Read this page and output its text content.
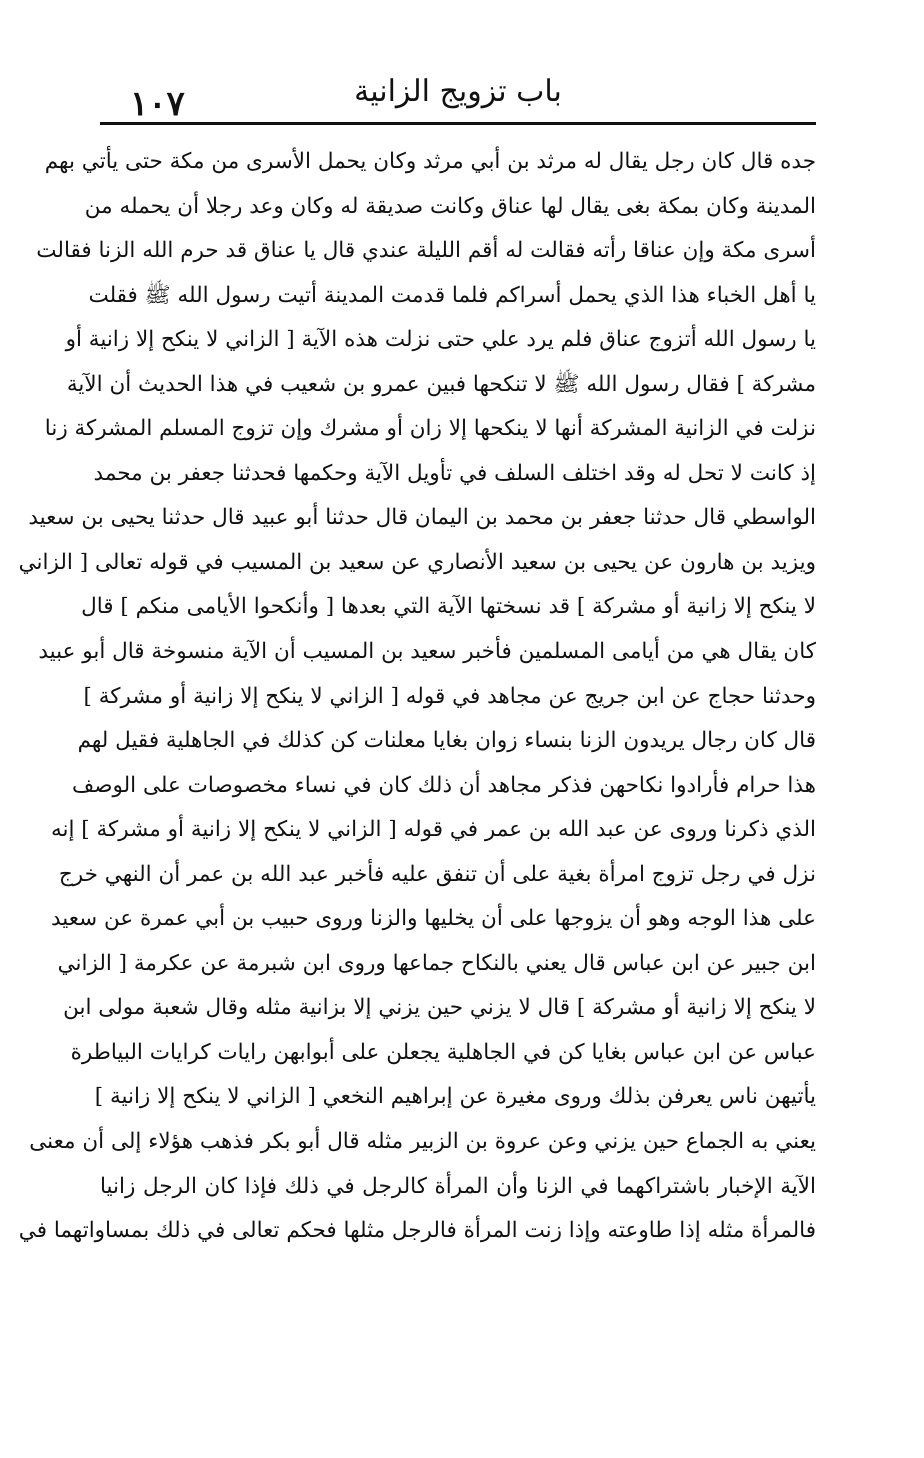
١٠٧	باب تزويج الزانية
جده قال كان رجل يقال له مرثد بن أبي مرثد وكان يحمل الأسرى من مكة حتى يأتي بهم
المدينة وكان بمكة بغى يقال لها عناق وكانت صديقة له وكان وعد رجلا أن يحمله من
أسرى مكة وإن عناقا رأته فقالت له أقم الليلة عندي قال يا عناق قد حرم الله الزنا فقالت
يا أهل الخباء هذا الذي يحمل أسراكم فلما قدمت المدينة أتيت رسول الله ﷺ فقلت
يا رسول الله أتزوج عناق فلم يرد علي حتى نزلت هذه الآية [ الزاني لا ينكح إلا زانية أو
مشركة ] فقال رسول الله ﷺ لا تنكحها فبين عمرو بن شعيب في هذا الحديث أن الآية
نزلت في الزانية المشركة أنها لا ينكحها إلا زان أو مشرك وإن تزوج المسلم المشركة زنا
إذ كانت لا تحل له وقد اختلف السلف في تأويل الآية وحكمها فحدثنا جعفر بن محمد
الواسطي قال حدثنا جعفر بن محمد بن اليمان قال حدثنا أبو عبيد قال حدثنا يحيى بن سعيد
ويزيد بن هارون عن يحيى بن سعيد الأنصاري عن سعيد بن المسيب في قوله تعالى [ الزاني
لا ينكح إلا زانية أو مشركة ] قد نسختها الآية التي بعدها [ وأنكحوا الأيامى منكم ] قال
كان يقال هي من أيامى المسلمين فأخبر سعيد بن المسيب أن الآية منسوخة قال أبو عبيد
وحدثنا حجاج عن ابن جريج عن مجاهد في قوله [ الزاني لا ينكح إلا زانية أو مشركة ]
قال كان رجال يريدون الزنا بنساء زوان بغايا معلنات كن كذلك في الجاهلية فقيل لهم
هذا حرام فأرادوا نكاحهن فذكر مجاهد أن ذلك كان في نساء مخصوصات على الوصف
الذي ذكرنا وروى عن عبد الله بن عمر في قوله [ الزاني لا ينكح إلا زانية أو مشركة ] إنه
نزل في رجل تزوج امرأة بغية على أن تنفق عليه فأخبر عبد الله بن عمر أن النهي خرج
على هذا الوجه وهو أن يزوجها على أن يخليها والزنا وروى حبيب بن أبي عمرة عن سعيد
ابن جبير عن ابن عباس قال يعني بالنكاح جماعها وروى ابن شبرمة عن عكرمة [ الزاني
لا ينكح إلا زانية أو مشركة ] قال لا يزني حين يزني إلا بزانية مثله وقال شعبة مولى ابن
عباس عن ابن عباس بغايا كن في الجاهلية يجعلن على أبوابهن رايات كرايات البياطرة
يأتيهن ناس يعرفن بذلك وروى مغيرة عن إبراهيم النخعي [ الزاني لا ينكح إلا زانية ]
يعني به الجماع حين يزني وعن عروة بن الزبير مثله قال أبو بكر فذهب هؤلاء إلى أن معنى
الآية الإخبار باشتراكهما في الزنا وأن المرأة كالرجل في ذلك فإذا كان الرجل زانيا
فالمرأة مثله إذا طاوعته وإذا زنت المرأة فالرجل مثلها فحكم تعالى في ذلك بمساواتهما في
